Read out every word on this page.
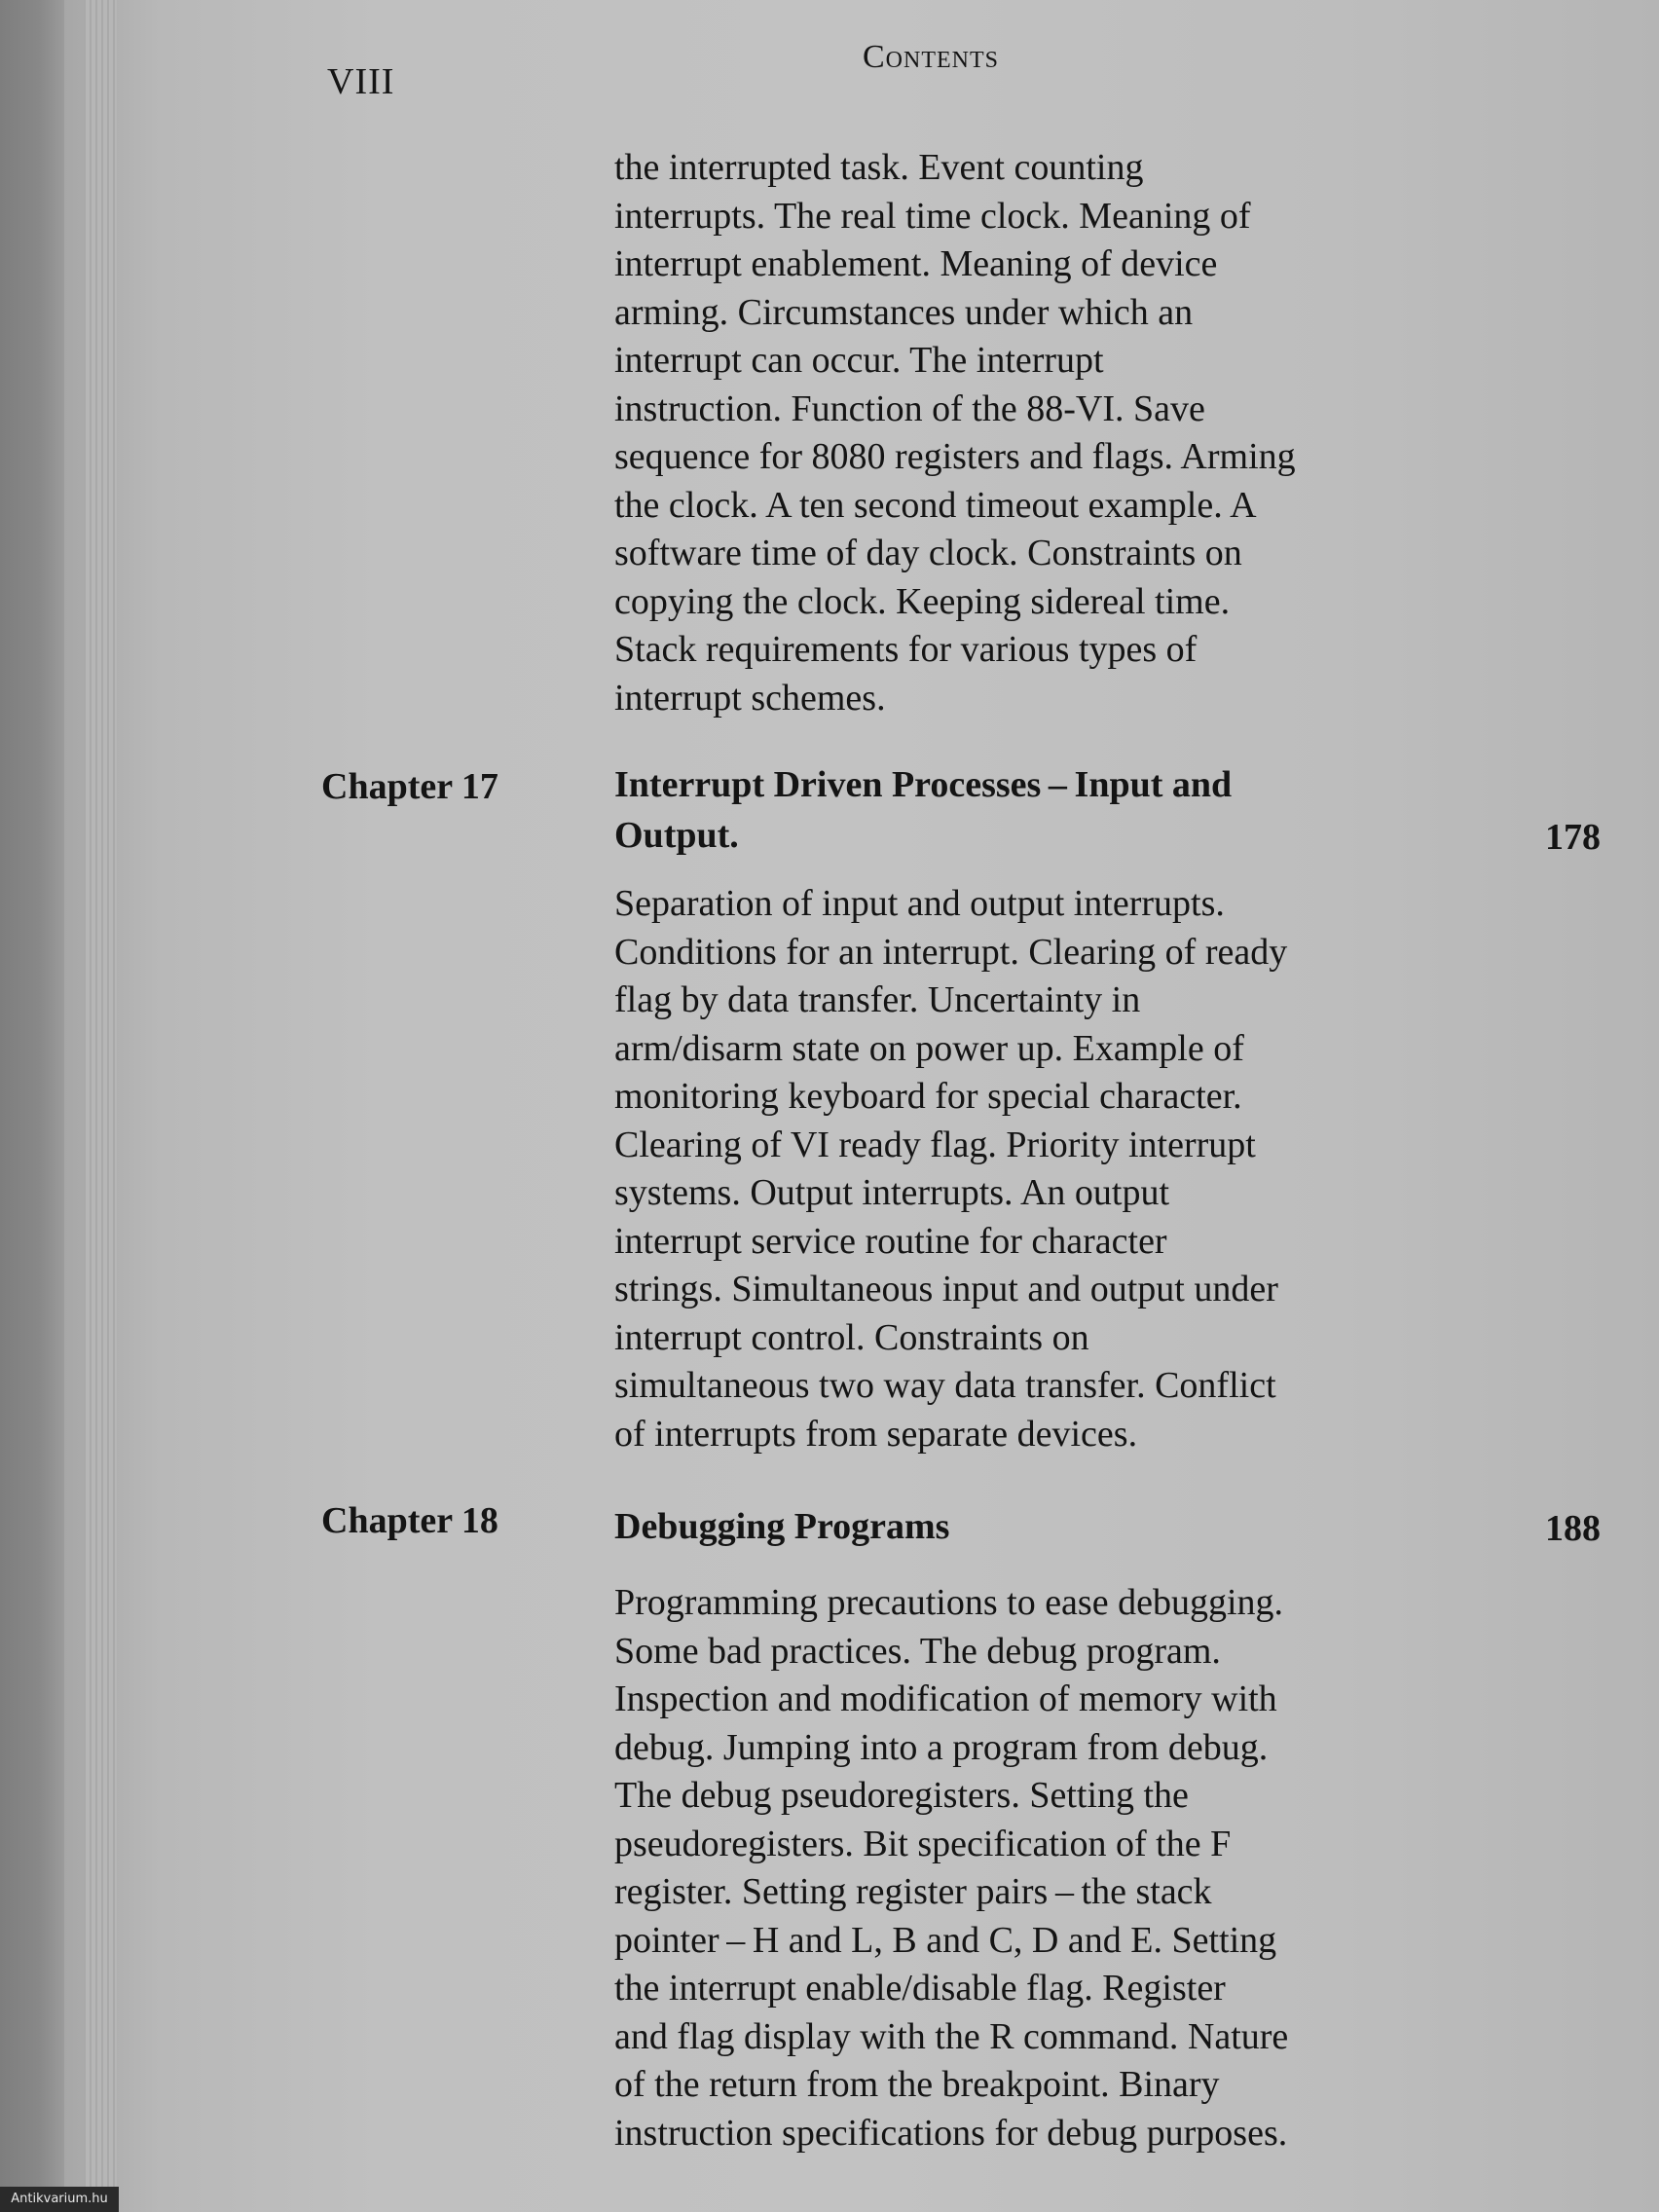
VIII
Contents
the interrupted task. Event counting
interrupts. The real time clock. Meaning of
interrupt enablement. Meaning of device
arming. Circumstances under which an
interrupt can occur. The interrupt
instruction. Function of the 88-VI. Save
sequence for 8080 registers and flags. Arming
the clock. A ten second timeout example. A
software time of day clock. Constraints on
copying the clock. Keeping sidereal time.
Stack requirements for various types of
interrupt schemes.
Chapter 17	Interrupt Driven Processes – Input and
Output.	178
Separation of input and output interrupts.
Conditions for an interrupt. Clearing of ready
flag by data transfer. Uncertainty in
arm/disarm state on power up. Example of
monitoring keyboard for special character.
Clearing of VI ready flag. Priority interrupt
systems. Output interrupts. An output
interrupt service routine for character
strings. Simultaneous input and output under
interrupt control. Constraints on
simultaneous two way data transfer. Conflict
of interrupts from separate devices.
Chapter 18	Debugging Programs	188
Programming precautions to ease debugging.
Some bad practices. The debug program.
Inspection and modification of memory with
debug. Jumping into a program from debug.
The debug pseudoregisters. Setting the
pseudoregisters. Bit specification of the F
register. Setting register pairs – the stack
pointer – H and L, B and C, D and E. Setting
the interrupt enable/disable flag. Register
and flag display with the R command. Nature
of the return from the breakpoint. Binary
instruction specifications for debug purposes.
Antikvarium.hu
